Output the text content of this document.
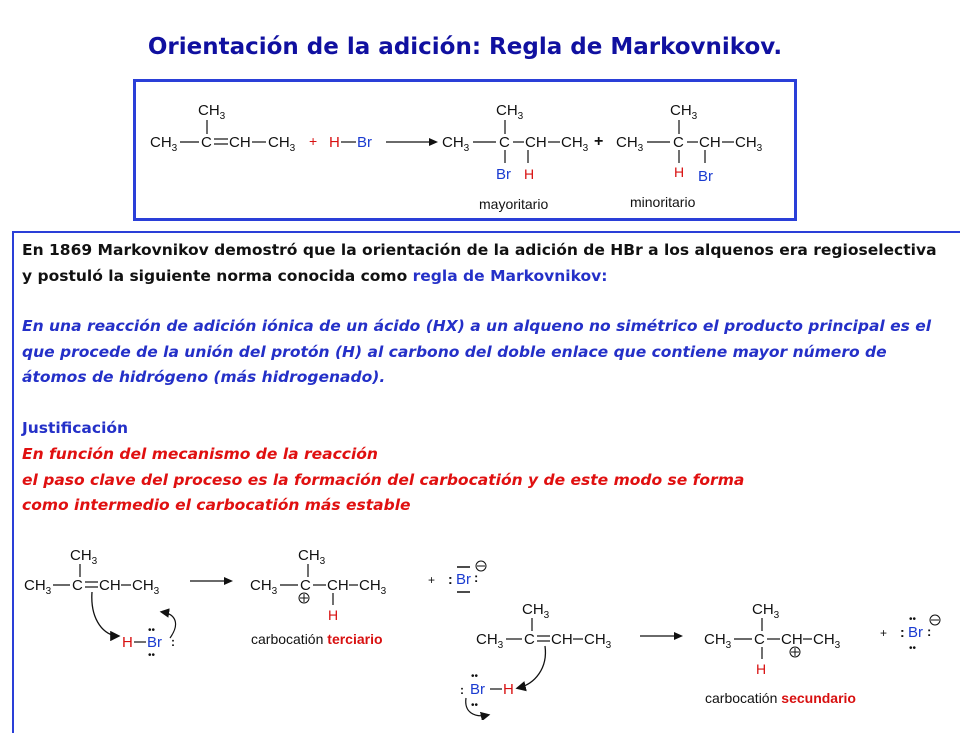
Orientación de la adición: Regla de Markovnikov.
$CH_3$
$CH_3$ C CH $CH_3 + H$ Br
$CH_3$
$CH_3$ C CH $CH_3$
Br H
mayoritario
+
$CH_3$
$CH_3$ C CH $CH_3$
H Br
minoritario
En 1869 Markovnikov demostró que la orientación de la adición de HBr a los alquenos era regioselectiva y postuló la siguiente norma conocida como regla de Markovnikov:
En una reacción de adición iónica de un ácido (HX) a un alqueno no simétrico el producto principal es el que procede de la unión del protón (H) al carbono del doble enlace que contiene mayor número de átomos de hidrógeno (más hidrogenado).
Justificación
En función del mecanismo de la reacción
el paso clave del proceso es la formación del carbocatión y de este modo se forma
como intermedio el carbocatión más estable
$CH_3$
$CH_3$ C CH $CH_3$
H Br
••
••
:
$CH_3$
$CH_3$ C CH $CH_3$
H
carbocatión terciario
+ : Br :
$CH_3$
$CH_3$ C CH $CH_3$
: Br
••
••
H
$CH_3$
$CH_3$ C CH $CH_3$
H
carbocatión secundario
+ : Br
••
••
:
